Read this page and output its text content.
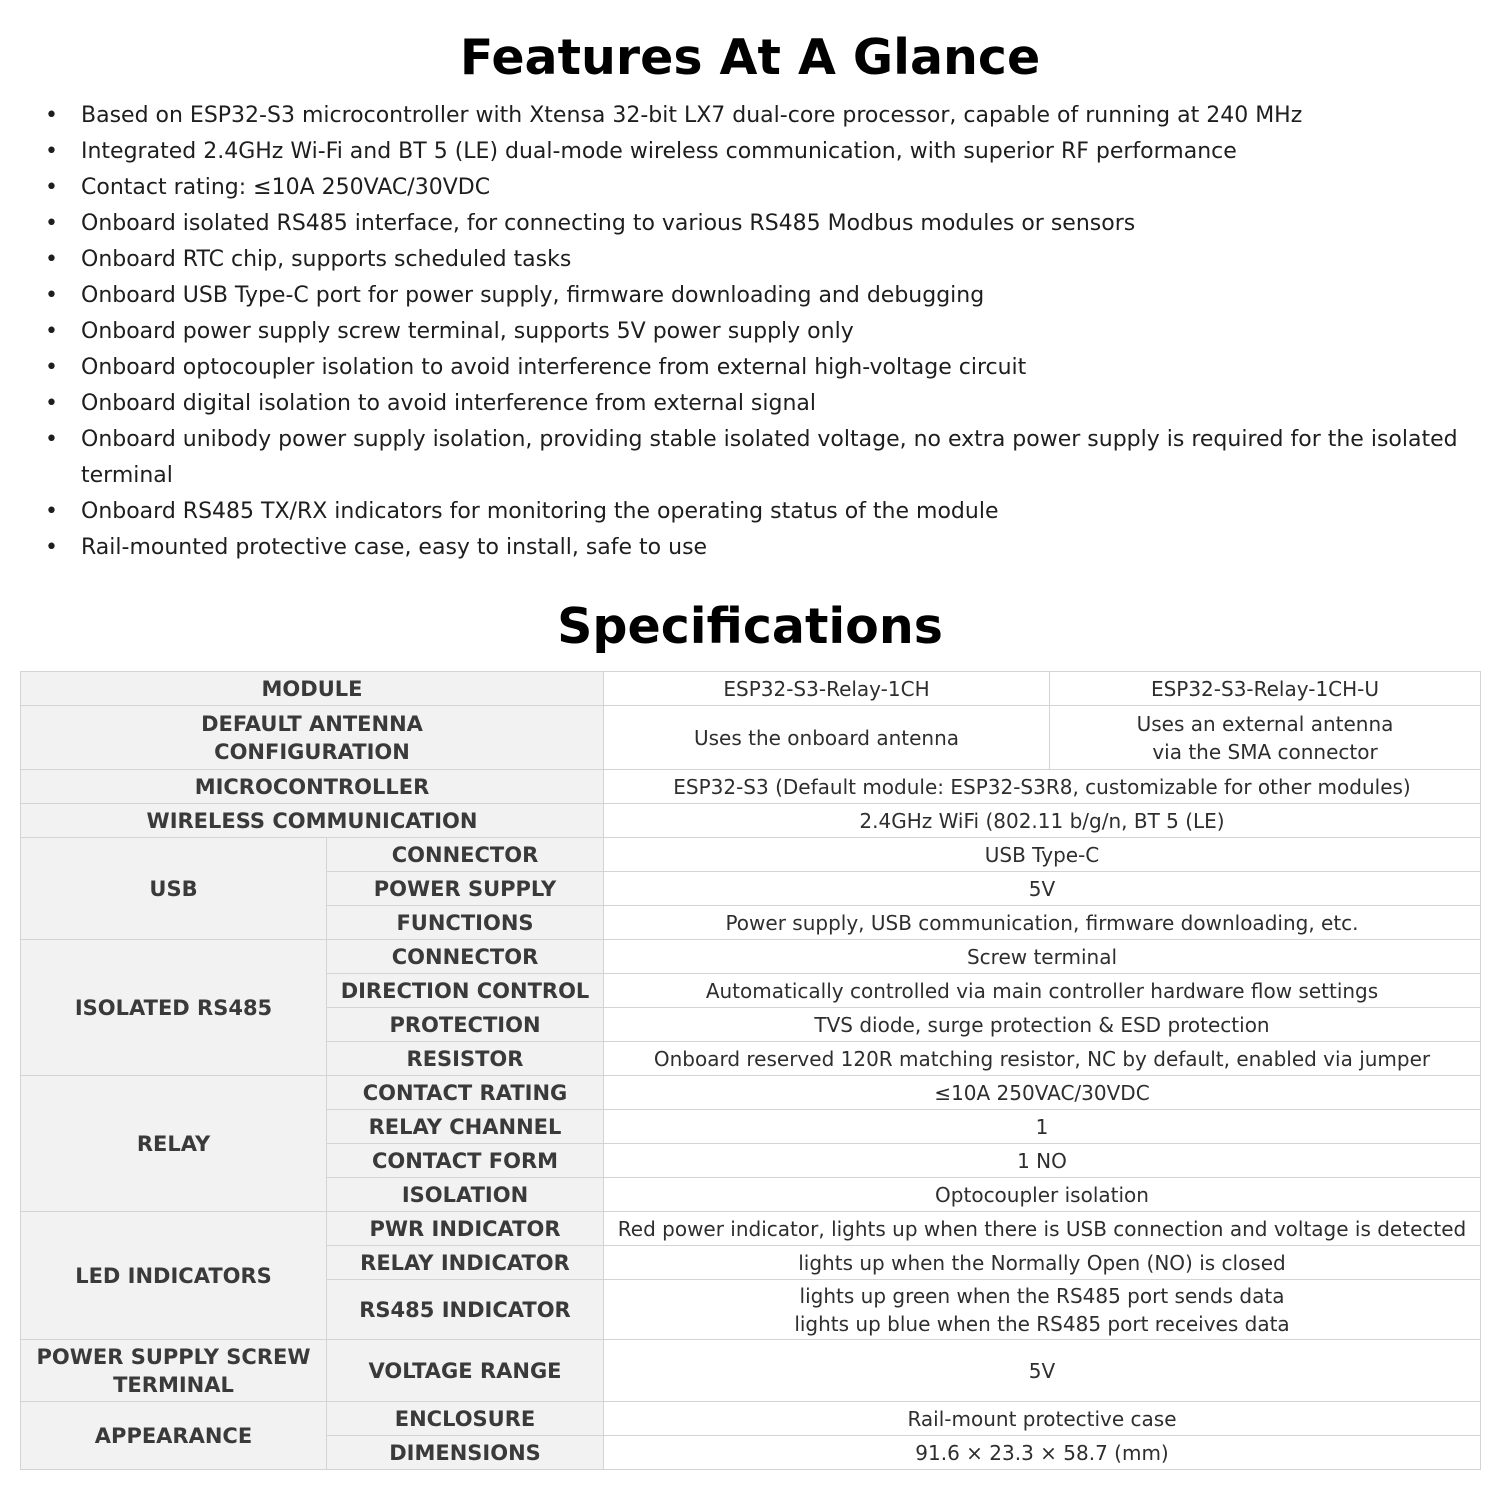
Features At A Glance
• Based on ESP32-S3 microcontroller with Xtensa 32-bit LX7 dual-core processor, capable of running at 240 MHz
• Integrated 2.4GHz Wi-Fi and BT 5 (LE) dual-mode wireless communication, with superior RF performance
• Contact rating: ≤10A 250VAC/30VDC
• Onboard isolated RS485 interface, for connecting to various RS485 Modbus modules or sensors
• Onboard RTC chip, supports scheduled tasks
• Onboard USB Type-C port for power supply, firmware downloading and debugging
• Onboard power supply screw terminal, supports 5V power supply only
• Onboard optocoupler isolation to avoid interference from external high-voltage circuit
• Onboard digital isolation to avoid interference from external signal
• Onboard unibody power supply isolation, providing stable isolated voltage, no extra power supply is required for the isolated terminal
• Onboard RS485 TX/RX indicators for monitoring the operating status of the module
• Rail-mounted protective case, easy to install, safe to use
Specifications
MODULE		ESP32-S3-Relay-1CH	ESP32-S3-Relay-1CH-U

DEFAULT ANTENNA
CONFIGURATION		Uses the onboard antenna	Uses an external antenna
via the SMA connector

MICROCONTROLLER		ESP32-S3 (Default module: ESP32-S3R8, customizable for other modules)	
WIRELESS COMMUNICATION		2.4GHz WiFi (802.11 b/g/n, BT 5 (LE)	
USB	CONNECTOR	USB Type-C	
	POWER SUPPLY	5V	
	FUNCTIONS	Power supply, USB communication, firmware downloading, etc.	
ISOLATED RS485	CONNECTOR	Screw terminal	
	DIRECTION CONTROL	Automatically controlled via main controller hardware flow settings	
	PROTECTION	TVS diode, surge protection & ESD protection	
	RESISTOR	Onboard reserved 120R matching resistor, NC by default, enabled via jumper	
RELAY	CONTACT RATING	≤10A 250VAC/30VDC	
	RELAY CHANNEL	1	
	CONTACT FORM	1 NO	
	ISOLATION	Optocoupler isolation	
LED INDICATORS	PWR INDICATOR	Red power indicator, lights up when there is USB connection and voltage is detected	
	RELAY INDICATOR	lights up when the Normally Open (NO) is closed	
	RS485 INDICATOR	lights up green when the RS485 port sends data
lights up blue when the RS485 port receives data	

POWER SUPPLY SCREW
TERMINAL	VOLTAGE RANGE	5V	
APPEARANCE	ENCLOSURE	Rail-mount protective case	
	DIMENSIONS	91.6 × 23.3 × 58.7 (mm)	
